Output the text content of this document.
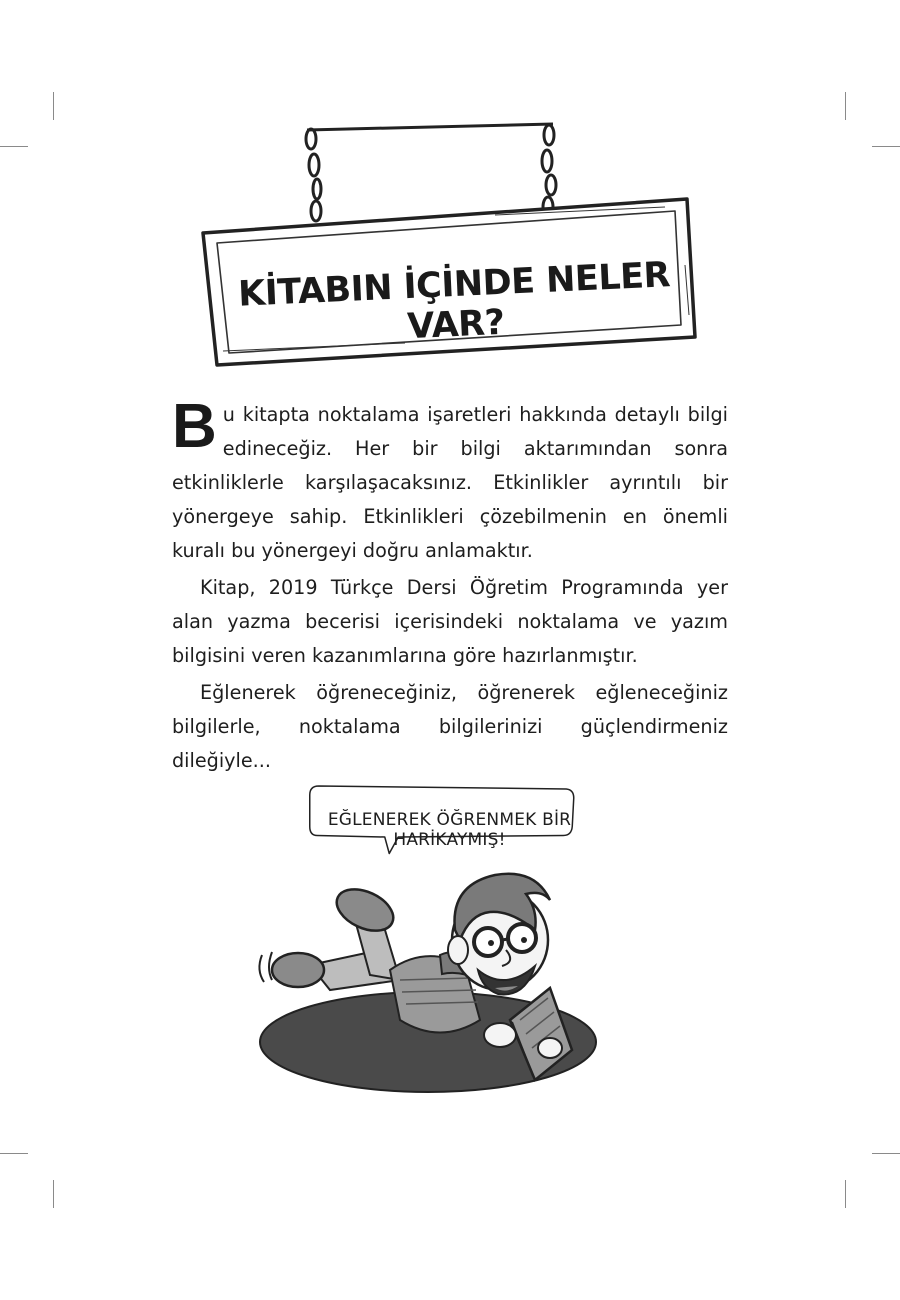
KİTABIN İÇİNDE NELER VAR?

Bu kitapta noktalama işaretleri hakkında detaylı bilgi edineceğiz. Her bir bilgi aktarımından sonra etkinliklerle karşılaşacaksınız. Etkinlikler ayrıntılı bir yönergeye sahip. Etkinlikleri çözebilmenin en önemli kuralı bu yönergeyi doğru anlamaktır.

Kitap, 2019 Türkçe Dersi Öğretim Programında yer alan yazma becerisi içerisindeki noktalama ve yazım bilgisini veren kazanımlarına göre hazırlanmıştır.

Eğlenerek öğreneceğiniz, öğrenerek eğleneceğiniz bilgilerle, noktalama bilgilerinizi güçlendirmeniz dileğiyle...

EĞLENEREK ÖĞRENMEK BİR HARİKAYMIŞ!
